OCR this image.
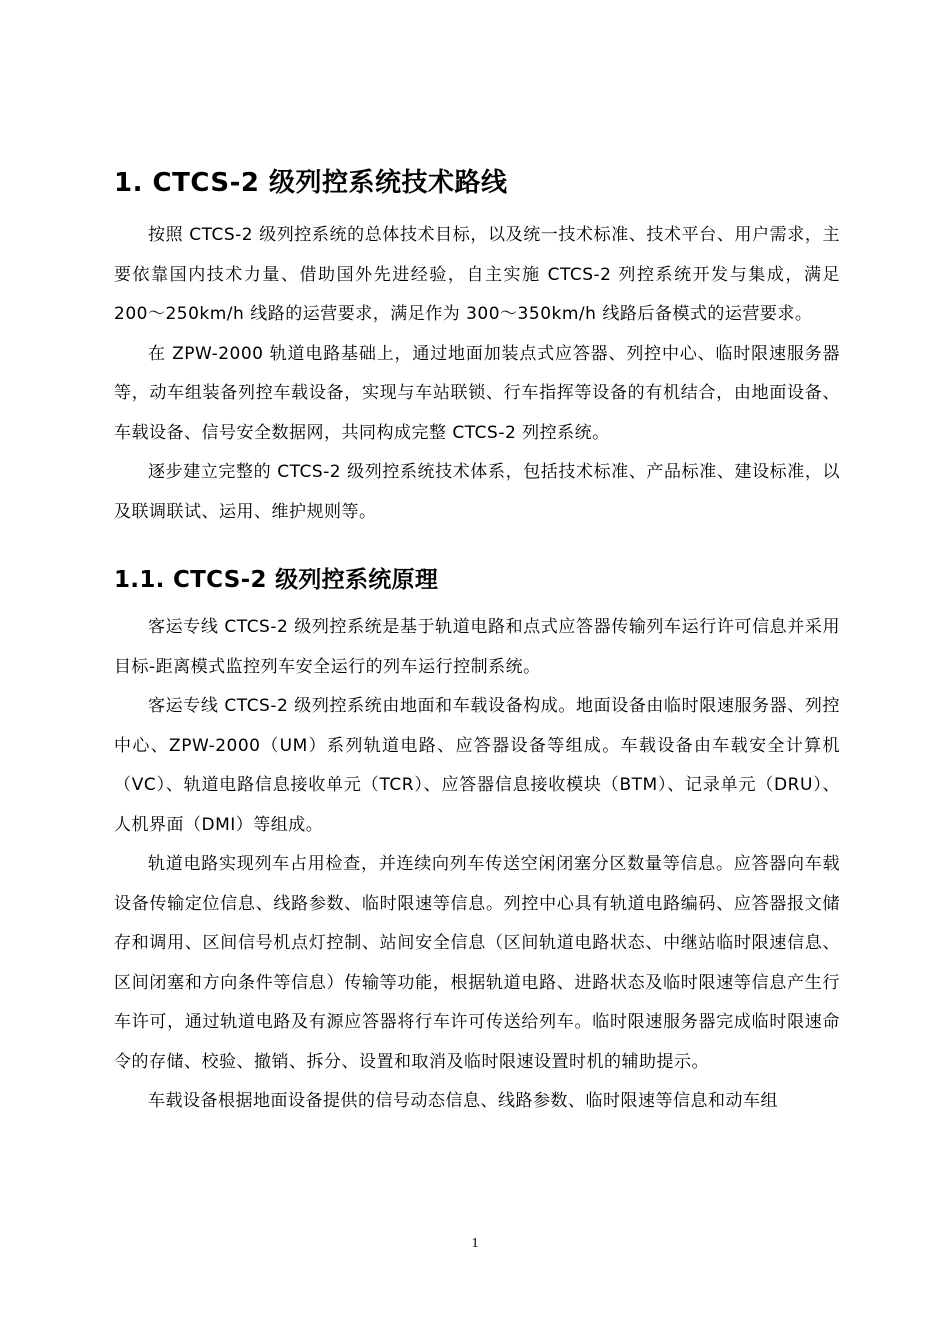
1. CTCS-2 级列控系统技术路线

按照 CTCS-2 级列控系统的总体技术目标，以及统一技术标准、技术平台、用户需求，主要依靠国内技术力量、借助国外先进经验，自主实施 CTCS-2 列控系统开发与集成，满足 200～250km/h 线路的运营要求，满足作为 300～350km/h 线路后备模式的运营要求。

在 ZPW-2000 轨道电路基础上，通过地面加装点式应答器、列控中心、临时限速服务器等，动车组装备列控车载设备，实现与车站联锁、行车指挥等设备的有机结合，由地面设备、车载设备、信号安全数据网，共同构成完整 CTCS-2 列控系统。

逐步建立完整的 CTCS-2 级列控系统技术体系，包括技术标准、产品标准、建设标准，以及联调联试、运用、维护规则等。

1.1. CTCS-2 级列控系统原理

客运专线 CTCS-2 级列控系统是基于轨道电路和点式应答器传输列车运行许可信息并采用目标-距离模式监控列车安全运行的列车运行控制系统。

客运专线 CTCS-2 级列控系统由地面和车载设备构成。地面设备由临时限速服务器、列控中心、ZPW-2000（UM）系列轨道电路、应答器设备等组成。车载设备由车载安全计算机（VC）、轨道电路信息接收单元（TCR）、应答器信息接收模块（BTM）、记录单元（DRU）、人机界面（DMI）等组成。

轨道电路实现列车占用检查，并连续向列车传送空闲闭塞分区数量等信息。应答器向车载设备传输定位信息、线路参数、临时限速等信息。列控中心具有轨道电路编码、应答器报文储存和调用、区间信号机点灯控制、站间安全信息（区间轨道电路状态、中继站临时限速信息、区间闭塞和方向条件等信息）传输等功能，根据轨道电路、进路状态及临时限速等信息产生行车许可，通过轨道电路及有源应答器将行车许可传送给列车。临时限速服务器完成临时限速命令的存储、校验、撤销、拆分、设置和取消及临时限速设置时机的辅助提示。

车载设备根据地面设备提供的信号动态信息、线路参数、临时限速等信息和动车组

1
